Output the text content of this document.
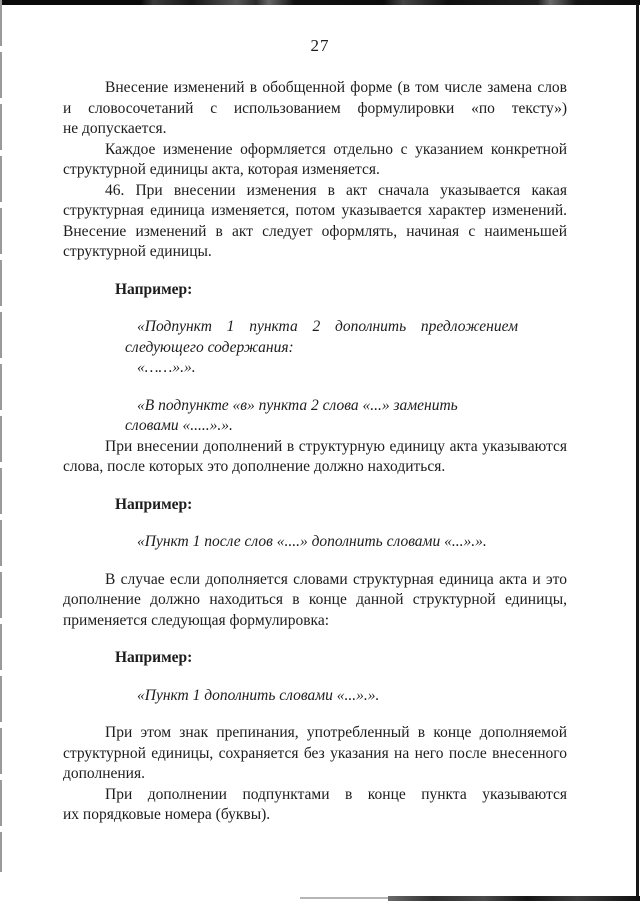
27
Внесение изменений в обобщенной форме (в том числе замена слов
и словосочетаний с использованием формулировки «по тексту»)
не допускается.
Каждое изменение оформляется отдельно с указанием конкретной
структурной единицы акта, которая изменяется.
46. При внесении изменения в акт сначала указывается какая
структурная единица изменяется, потом указывается характер изменений.
Внесение изменений в акт следует оформлять, начиная с наименьшей
структурной единицы.
Например:
«Подпункт 1 пункта 2 дополнить предложением
следующего содержания:
«……».».
«В подпункте «в» пункта 2 слова «...» заменить
словами «.....».».
При внесении дополнений в структурную единицу акта указываются
слова, после которых это дополнение должно находиться.
Например:
«Пункт 1 после слов «....» дополнить словами «...».».
В случае если дополняется словами структурная единица акта и это
дополнение должно находиться в конце данной структурной единицы,
применяется следующая формулировка:
Например:
«Пункт 1 дополнить словами «...».».
При этом знак препинания, употребленный в конце дополняемой
структурной единицы, сохраняется без указания на него после внесенного
дополнения.
При дополнении подпунктами в конце пункта указываются
их порядковые номера (буквы).
